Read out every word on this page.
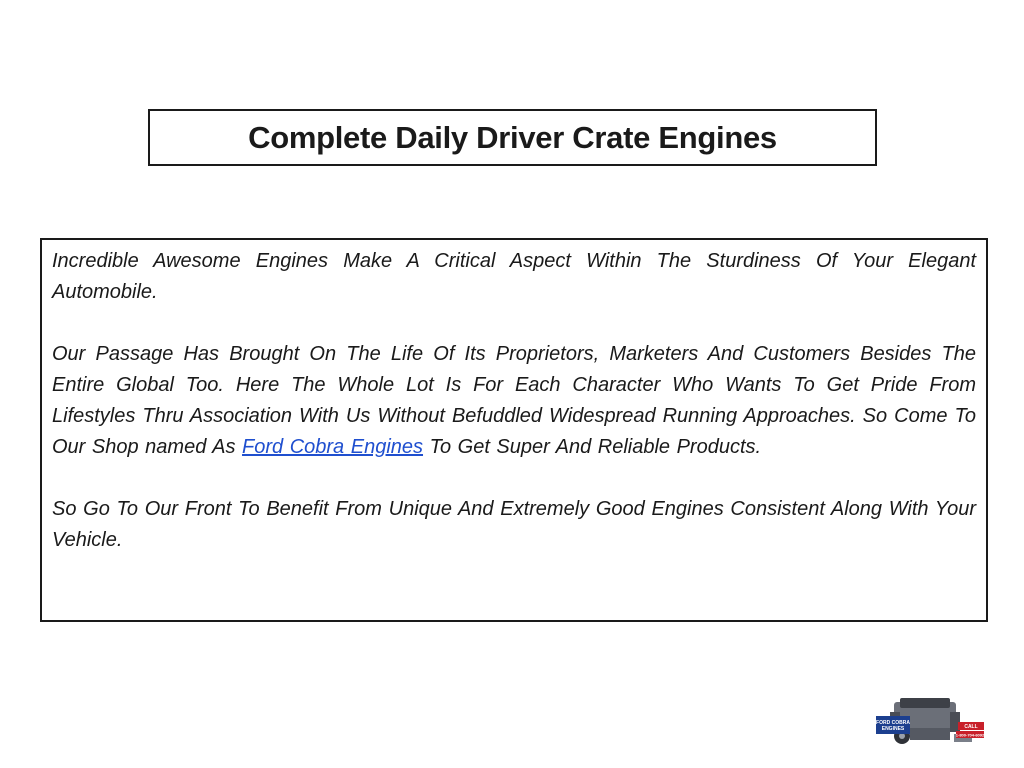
Complete Daily Driver Crate Engines

Incredible Awesome Engines Make A Critical Aspect Within The Sturdiness Of Your Elegant Automobile.

Our Passage Has Brought On The Life Of Its Proprietors, Marketers And Customers Besides The Entire Global Too. Here The Whole Lot Is For Each Character Who Wants To Get Pride From Lifestyles Thru Association With Us Without Befuddled Widespread Running Approaches. So Come To Our Shop named As Ford Cobra Engines To Get Super And Reliable Products.

So Go To Our Front To Benefit From Unique And Extremely Good Engines Consistent Along With Your Vehicle.

FORD COBRA
ENGINES	CALL
1-800-704-6092
